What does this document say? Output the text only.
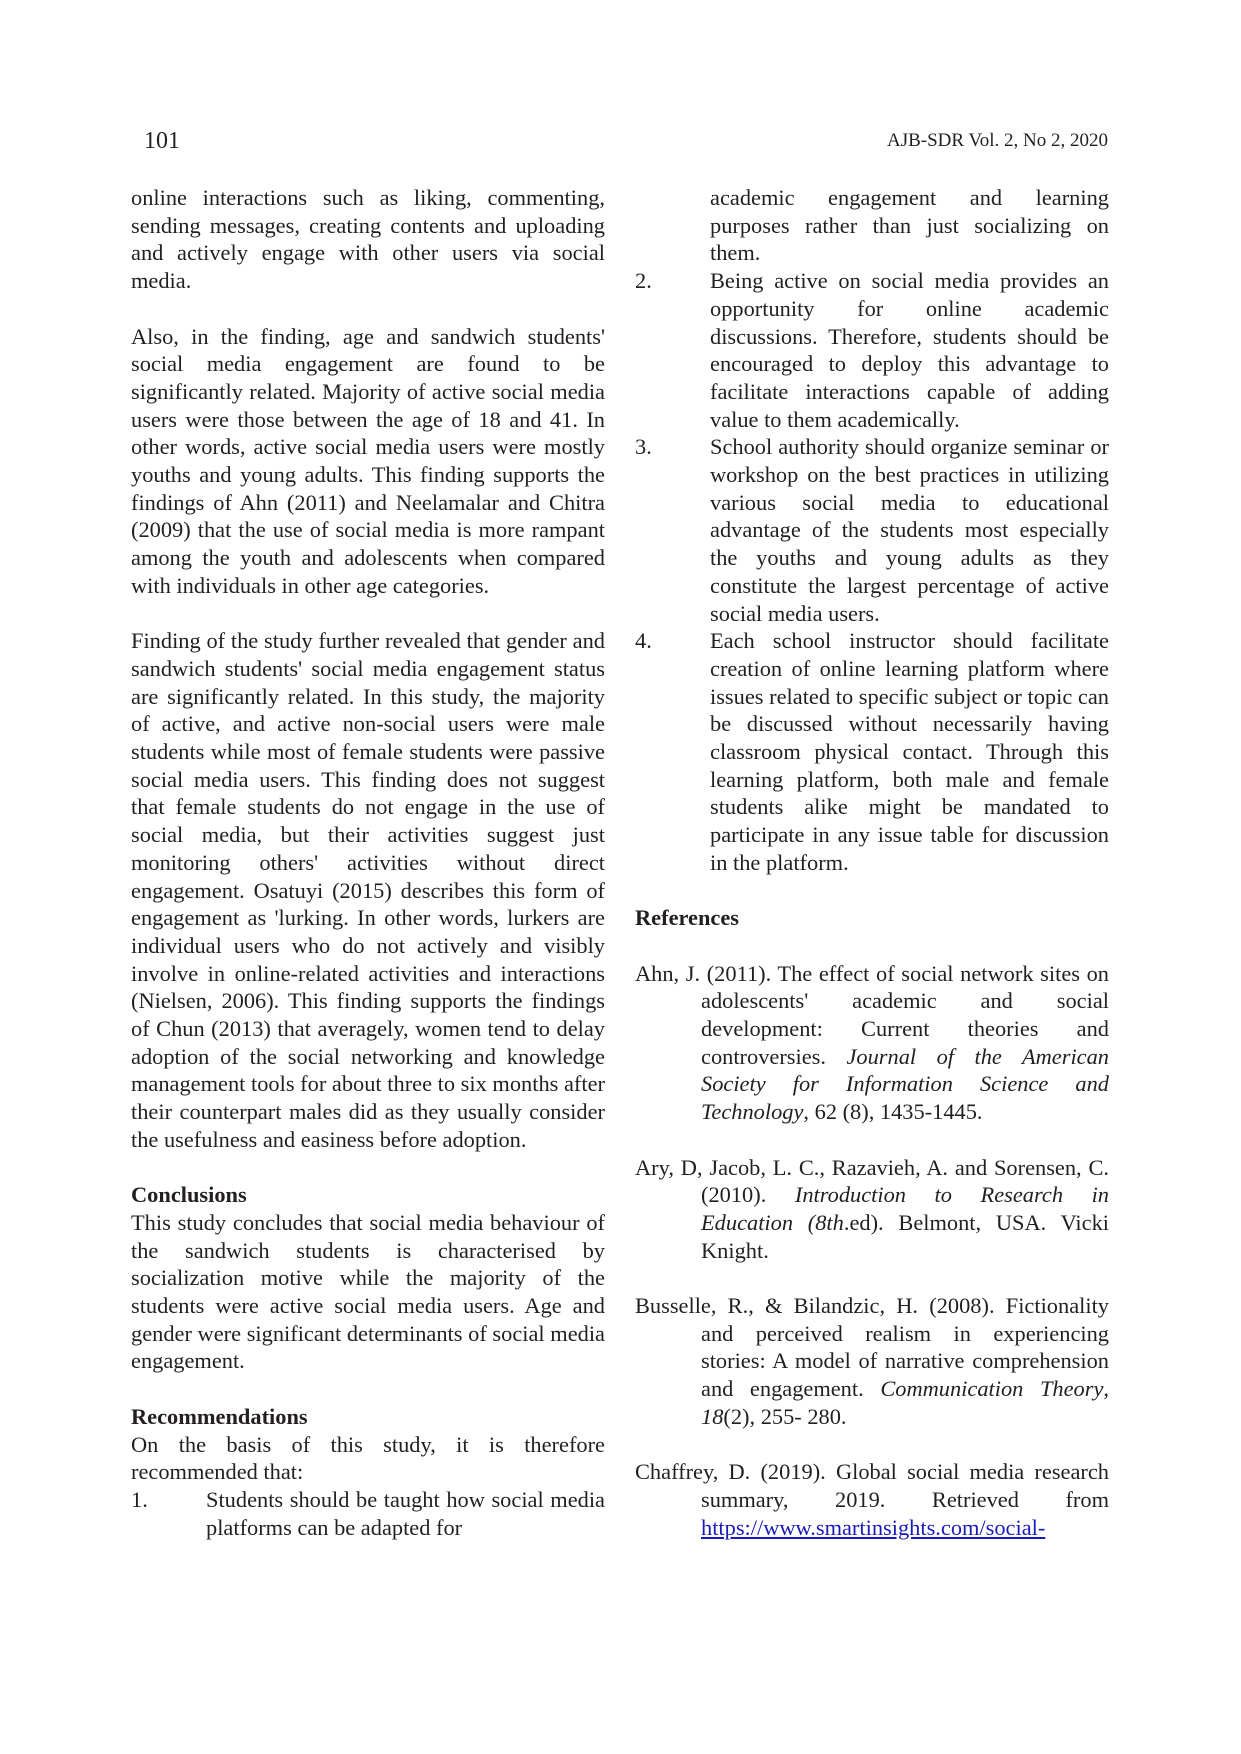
101	AJB-SDR Vol. 2, No 2, 2020

online interactions such as liking, commenting, sending messages, creating contents and uploading and actively engage with other users via social media.

Also, in the finding, age and sandwich students' social media engagement are found to be significantly related. Majority of active social media users were those between the age of 18 and 41. In other words, active social media users were mostly youths and young adults. This finding supports the findings of Ahn (2011) and Neelamalar and Chitra (2009) that the use of social media is more rampant among the youth and adolescents when compared with individuals in other age categories.

Finding of the study further revealed that gender and sandwich students' social media engagement status are significantly related. In this study, the majority of active, and active non-social users were male students while most of female students were passive social media users. This finding does not suggest that female students do not engage in the use of social media, but their activities suggest just monitoring others' activities without direct engagement. Osatuyi (2015) describes this form of engagement as 'lurking. In other words, lurkers are individual users who do not actively and visibly involve in online-related activities and interactions (Nielsen, 2006). This finding supports the findings of Chun (2013) that averagely, women tend to delay adoption of the social networking and knowledge management tools for about three to six months after their counterpart males did as they usually consider the usefulness and easiness before adoption.

Conclusions

This study concludes that social media behaviour of the sandwich students is characterised by socialization motive while the majority of the students were active social media users. Age and gender were significant determinants of social media engagement.

Recommendations

On the basis of this study, it is therefore recommended that:

1.	Students should be taught how social media platforms can be adapted for
academic engagement and learning purposes rather than just socializing on them.
2.	Being active on social media provides an opportunity for online academic discussions. Therefore, students should be encouraged to deploy this advantage to facilitate interactions capable of adding value to them academically.
3.	School authority should organize seminar or workshop on the best practices in utilizing various social media to educational advantage of the students most especially the youths and young adults as they constitute the largest percentage of active social media users.
4.	Each school instructor should facilitate creation of online learning platform where issues related to specific subject or topic can be discussed without necessarily having classroom physical contact. Through this learning platform, both male and female students alike might be mandated to participate in any issue table for discussion in the platform.
References
Ahn, J. (2011). The effect of social network sites on adolescents' academic and social development: Current theories and controversies. Journal of the American Society for Information Science and Technology, 62 (8), 1435-1445.
Ary, D, Jacob, L. C., Razavieh, A. and Sorensen, C. (2010). Introduction to Research in Education (8th.ed). Belmont, USA. Vicki Knight.
Busselle, R., & Bilandzic, H. (2008). Fictionality and perceived realism in experiencing stories: A model of narrative comprehension and engagement. Communication Theory, 18(2), 255- 280.
Chaffrey, D. (2019). Global social media research summary, 2019. Retrieved from https://www.smartinsights.com/social-
